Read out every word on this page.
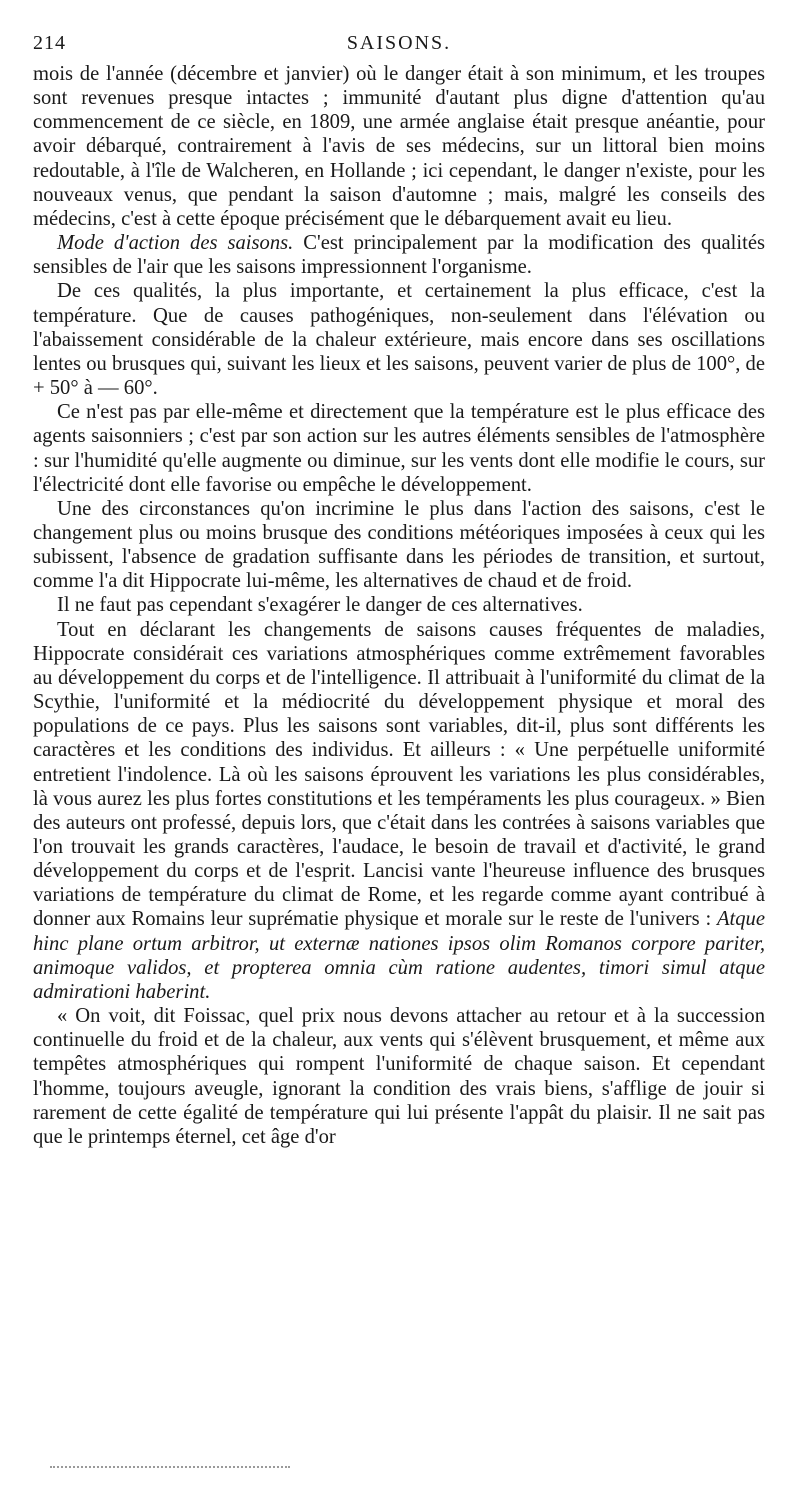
214	SAISONS.

mois de l'année (décembre et janvier) où le danger était à son minimum, et les troupes sont revenues presque intactes ; immunité d'autant plus digne d'attention qu'au commencement de ce siècle, en 1809, une armée anglaise était presque anéantie, pour avoir débarqué, contrairement à l'avis de ses médecins, sur un littoral bien moins redoutable, à l'île de Walcheren, en Hollande ; ici cependant, le danger n'existe, pour les nouveaux venus, que pendant la saison d'automne ; mais, malgré les conseils des médecins, c'est à cette époque précisément que le débarquement avait eu lieu.

Mode d'action des saisons. C'est principalement par la modification des qualités sensibles de l'air que les saisons impressionnent l'organisme.

De ces qualités, la plus importante, et certainement la plus efficace, c'est la température. Que de causes pathogéniques, non-seulement dans l'élévation ou l'abaissement considérable de la chaleur extérieure, mais encore dans ses oscillations lentes ou brusques qui, suivant les lieux et les saisons, peuvent varier de plus de 100°, de + 50° à — 60°.

Ce n'est pas par elle-même et directement que la température est le plus efficace des agents saisonniers ; c'est par son action sur les autres éléments sensibles de l'atmosphère : sur l'humidité qu'elle augmente ou diminue, sur les vents dont elle modifie le cours, sur l'électricité dont elle favorise ou empêche le développement.

Une des circonstances qu'on incrimine le plus dans l'action des saisons, c'est le changement plus ou moins brusque des conditions météoriques imposées à ceux qui les subissent, l'absence de gradation suffisante dans les périodes de transition, et surtout, comme l'a dit Hippocrate lui-même, les alternatives de chaud et de froid.

Il ne faut pas cependant s'exagérer le danger de ces alternatives.

Tout en déclarant les changements de saisons causes fréquentes de maladies, Hippocrate considérait ces variations atmosphériques comme extrêmement favorables au développement du corps et de l'intelligence. Il attribuait à l'uniformité du climat de la Scythie, l'uniformité et la médiocrité du développement physique et moral des populations de ce pays. Plus les saisons sont variables, dit-il, plus sont différents les caractères et les conditions des individus. Et ailleurs : « Une perpétuelle uniformité entretient l'indolence. Là où les saisons éprouvent les variations les plus considérables, là vous aurez les plus fortes constitutions et les tempéraments les plus courageux. » Bien des auteurs ont professé, depuis lors, que c'était dans les contrées à saisons variables que l'on trouvait les grands caractères, l'audace, le besoin de travail et d'activité, le grand développement du corps et de l'esprit. Lancisi vante l'heureuse influence des brusques variations de température du climat de Rome, et les regarde comme ayant contribué à donner aux Romains leur suprématie physique et morale sur le reste de l'univers : Atque hinc plane ortum arbitror, ut externæ nationes ipsos olim Romanos corpore pariter, animoque validos, et propterea omnia cùm ratione audentes, timori simul atque admirationi haberint.

« On voit, dit Foissac, quel prix nous devons attacher au retour et à la succession continuelle du froid et de la chaleur, aux vents qui s'élèvent brusquement, et même aux tempêtes atmosphériques qui rompent l'uniformité de chaque saison. Et cependant l'homme, toujours aveugle, ignorant la condition des vrais biens, s'afflige de jouir si rarement de cette égalité de température qui lui présente l'appât du plaisir. Il ne sait pas que le printemps éternel, cet âge d'or
